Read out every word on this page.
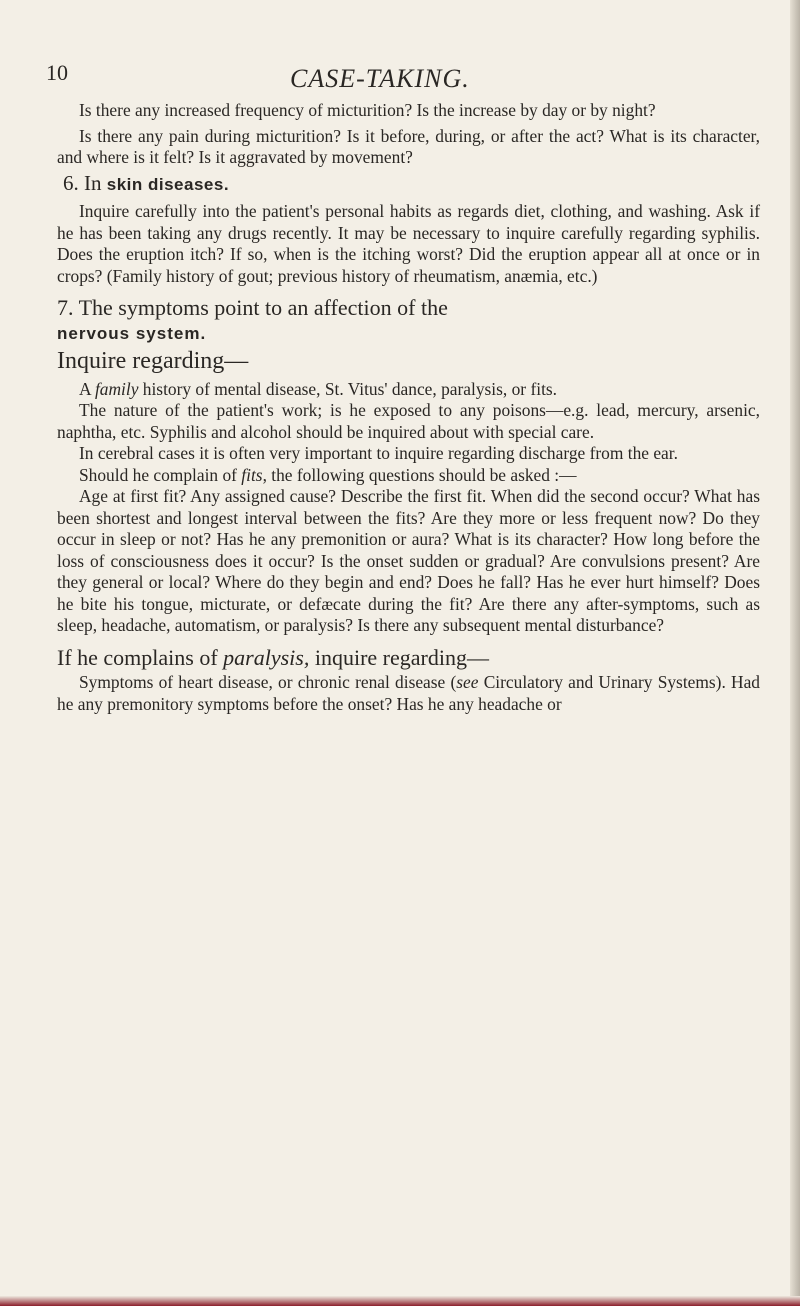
10	CASE-TAKING.

Is there any increased frequency of micturition? Is the increase by day or by night?

Is there any pain during micturition? Is it before, during, or after the act? What is its character, and where is it felt? Is it aggravated by movement?

6. In skin diseases.

Inquire carefully into the patient's personal habits as regards diet, clothing, and washing. Ask if he has been taking any drugs recently. It may be necessary to inquire carefully regarding syphilis. Does the eruption itch? If so, when is the itching worst? Did the eruption appear all at once or in crops? (Family history of gout; previous history of rheumatism, anæmia, etc.)

7. The symptoms point to an affection of the
nervous system.
Inquire regarding—

A family history of mental disease, St. Vitus' dance, paralysis, or fits.

The nature of the patient's work; is he exposed to any poisons—e.g. lead, mercury, arsenic, naphtha, etc. Syphilis and alcohol should be inquired about with special care.

In cerebral cases it is often very important to inquire regarding discharge from the ear.

Should he complain of fits, the following questions should be asked :—

Age at first fit? Any assigned cause? Describe the first fit. When did the second occur? What has been shortest and longest interval between the fits? Are they more or less frequent now? Do they occur in sleep or not? Has he any premonition or aura? What is its character? How long before the loss of consciousness does it occur? Is the onset sudden or gradual? Are convulsions present? Are they general or local? Where do they begin and end? Does he fall? Has he ever hurt himself? Does he bite his tongue, micturate, or defæcate during the fit? Are there any after-symptoms, such as sleep, headache, automatism, or paralysis? Is there any subsequent mental disturbance?

If he complains of paralysis, inquire regarding—

Symptoms of heart disease, or chronic renal disease (see Circulatory and Urinary Systems). Had he any premonitory symptoms before the onset? Has he any headache or
